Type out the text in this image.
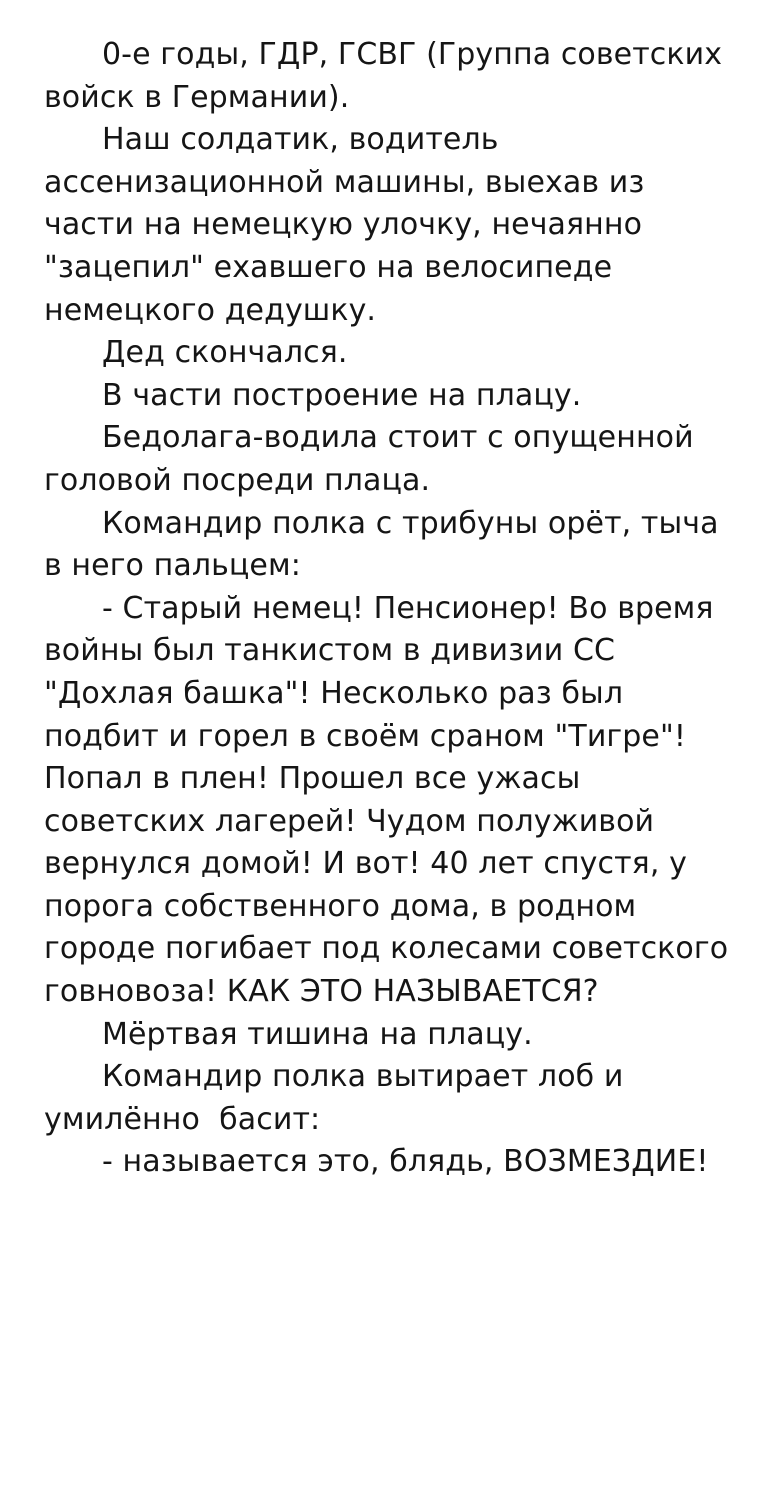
0-е годы, ГДР, ГСВГ (Группа советских войск в Германии).

Наш солдатик, водитель ассенизационной машины, выехав из части на немецкую улочку, нечаянно "зацепил" ехавшего на велосипеде немецкого дедушку.

Дед скончался.

В части построение на плацу.

Бедолага-водила стоит с опущенной головой посреди плаца.

Командир полка с трибуны орёт, тыча в него пальцем:

- Старый немец! Пенсионер! Во время войны был танкистом в дивизии СС "Дохлая башка"! Несколько раз был подбит и горел в своём сраном "Тигре"! Попал в плен! Прошел все ужасы советских лагерей! Чудом полуживой вернулся домой! И вот! 40 лет спустя, у порога собственного дома, в родном городе погибает под колесами советского говновоза! КАК ЭТО НАЗЫВАЕТСЯ?

Мёртвая тишина на плацу.

Командир полка вытирает лоб и умилённо  басит:

- называется это, блядь, ВОЗМЕЗДИЕ!
